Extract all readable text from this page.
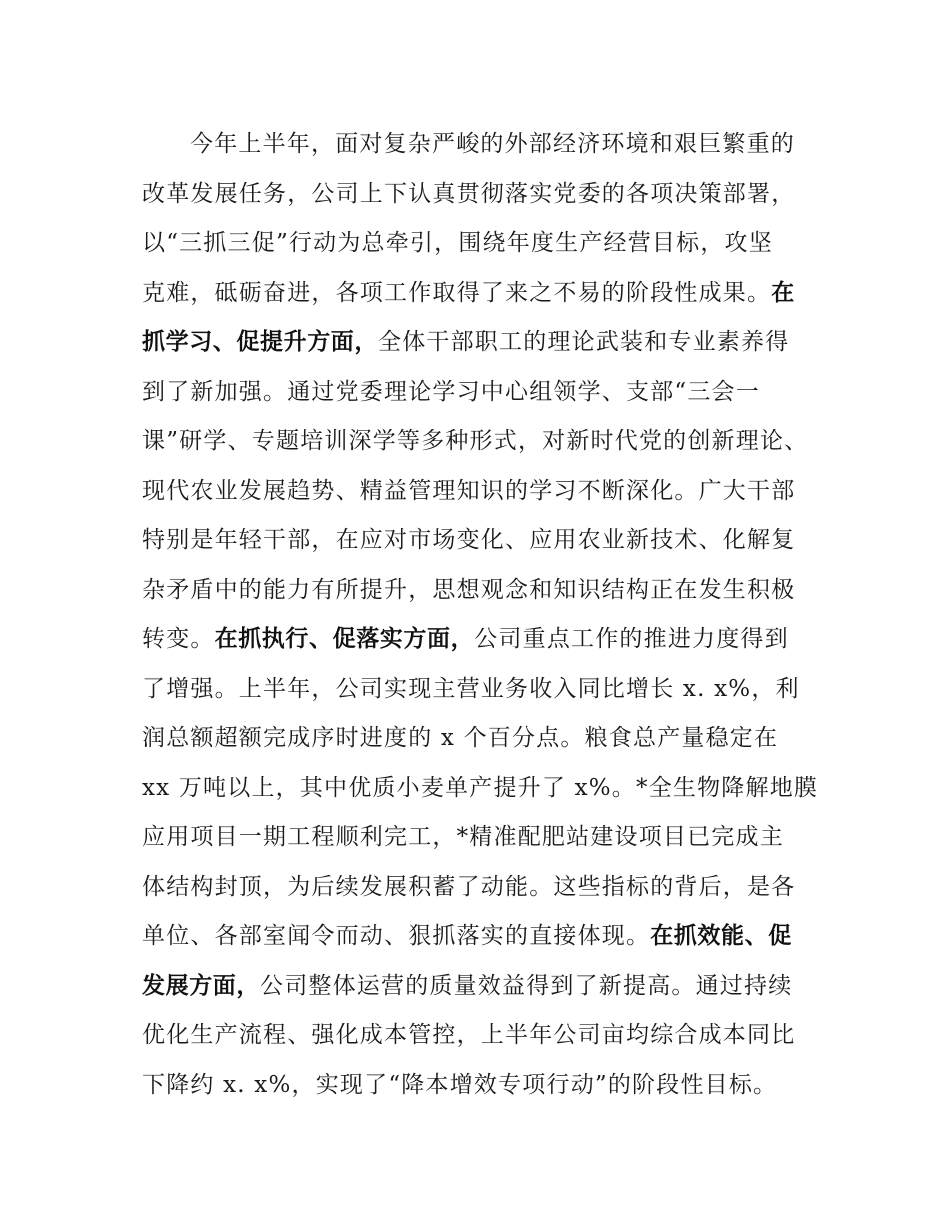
今年上半年，面对复杂严峻的外部经济环境和艰巨繁重的
改革发展任务，公司上下认真贯彻落实党委的各项决策部署，
以“三抓三促”行动为总牵引，围绕年度生产经营目标，攻坚
克难，砥砺奋进，各项工作取得了来之不易的阶段性成果。在
抓学习、促提升方面，全体干部职工的理论武装和专业素养得
到了新加强。通过党委理论学习中心组领学、支部“三会一
课”研学、专题培训深学等多种形式，对新时代党的创新理论、
现代农业发展趋势、精益管理知识的学习不断深化。广大干部
特别是年轻干部，在应对市场变化、应用农业新技术、化解复
杂矛盾中的能力有所提升，思想观念和知识结构正在发生积极
转变。在抓执行、促落实方面，公司重点工作的推进力度得到
了增强。上半年，公司实现主营业务收入同比增长 x. x%，利
润总额超额完成序时进度的 x 个百分点。粮食总产量稳定在
xx 万吨以上，其中优质小麦单产提升了 x%。*全生物降解地膜
应用项目一期工程顺利完工，*精准配肥站建设项目已完成主
体结构封顶，为后续发展积蓄了动能。这些指标的背后，是各
单位、各部室闻令而动、狠抓落实的直接体现。在抓效能、促
发展方面，公司整体运营的质量效益得到了新提高。通过持续
优化生产流程、强化成本管控，上半年公司亩均综合成本同比
下降约 x. x%，实现了“降本增效专项行动”的阶段性目标。
